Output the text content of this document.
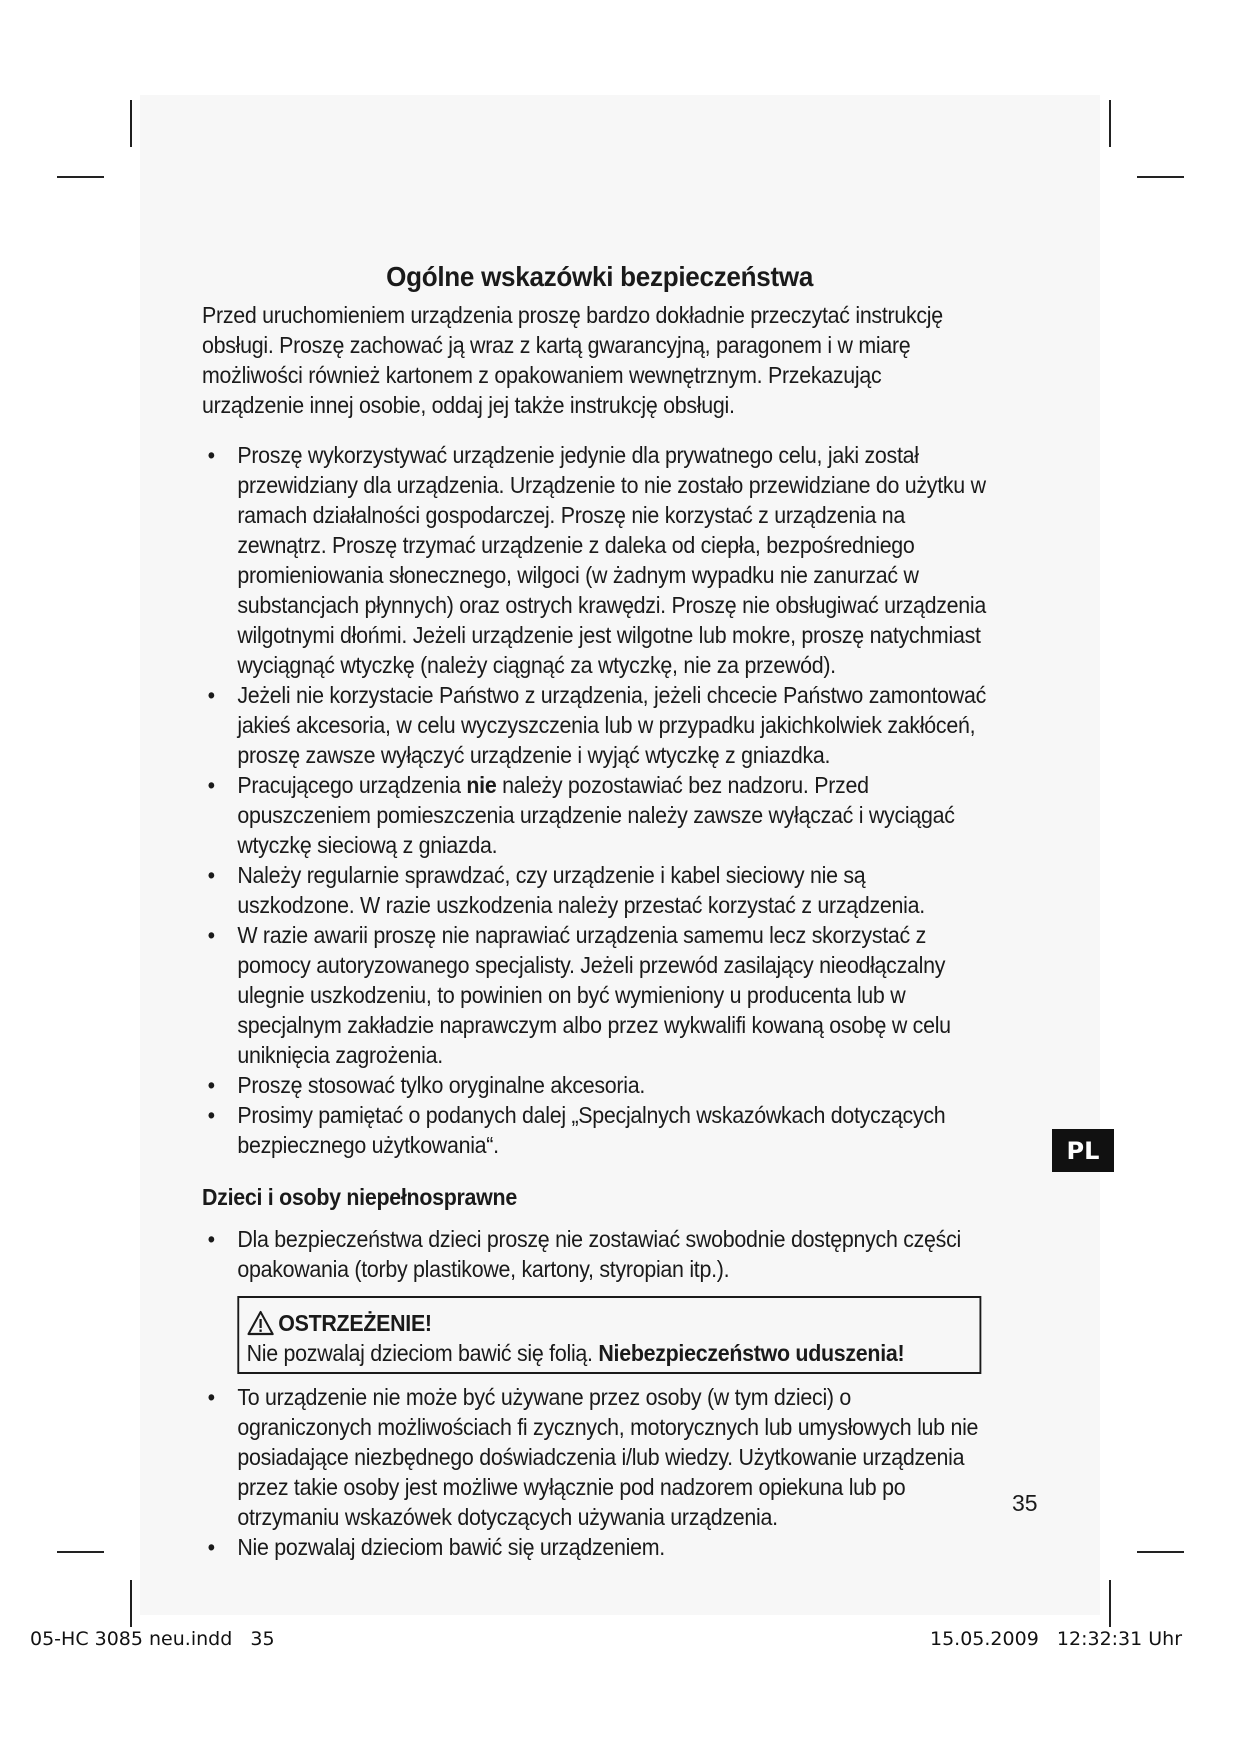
Ogólne wskazówki bezpieczeństwa

Przed uruchomieniem urządzenia proszę bardzo dokładnie przeczytać instrukcję obsługi. Proszę zachować ją wraz z kartą gwarancyjną, paragonem i w miarę możliwości również kartonem z opakowaniem wewnętrznym. Przekazując urządzenie innej osobie, oddaj jej także instrukcję obsługi.

• Proszę wykorzystywać urządzenie jedynie dla prywatnego celu, jaki został przewidziany dla urządzenia. Urządzenie to nie zostało przewidziane do użytku w ramach działalności gospodarczej. Proszę nie korzystać z urządzenia na zewnątrz. Proszę trzymać urządzenie z daleka od ciepła, bezpośredniego promieniowania słonecznego, wilgoci (w żadnym wypadku nie zanurzać w substancjach płynnych) oraz ostrych krawędzi. Proszę nie obsługiwać urządzenia wilgotnymi dłońmi. Jeżeli urządzenie jest wilgotne lub mokre, proszę natychmiast wyciągnąć wtyczkę (należy ciągnąć za wtyczkę, nie za przewód).
• Jeżeli nie korzystacie Państwo z urządzenia, jeżeli chcecie Państwo zamontować jakieś akcesoria, w celu wyczyszczenia lub w przypadku jakichkolwiek zakłóceń, proszę zawsze wyłączyć urządzenie i wyjąć wtyczkę z gniazdka.
• Pracującego urządzenia nie należy pozostawiać bez nadzoru. Przed opuszczeniem pomieszczenia urządzenie należy zawsze wyłączać i wyciągać wtyczkę sieciową z gniazda.
• Należy regularnie sprawdzać, czy urządzenie i kabel sieciowy nie są uszkodzone. W razie uszkodzenia należy przestać korzystać z urządzenia.
• W razie awarii proszę nie naprawiać urządzenia samemu lecz skorzystać z pomocy autoryzowanego specjalisty. Jeżeli przewód zasilający nieodłączalny ulegnie uszkodzeniu, to powinien on być wymieniony u producenta lub w specjalnym zakładzie naprawczym albo przez wykwalifi kowaną osobę w celu uniknięcia zagrożenia.
• Proszę stosować tylko oryginalne akcesoria.
• Prosimy pamiętać o podanych dalej „Specjalnych wskazówkach dotyczących bezpiecznego użytkowania“.
Dzieci i osoby niepełnosprawne
• Dla bezpieczeństwa dzieci proszę nie zostawiać swobodnie dostępnych części opakowania (torby plastikowe, kartony, styropian itp.).
OSTRZEŻENIE!

Nie pozwalaj dzieciom bawić się folią. Niebezpieczeństwo uduszenia!

• To urządzenie nie może być używane przez osoby (w tym dzieci) o ograniczonych możliwościach fi zycznych, motorycznych lub umysłowych lub nie posiadające niezbędnego doświadczenia i/lub wiedzy. Użytkowanie urządzenia przez takie osoby jest możliwe wyłącznie pod nadzorem opiekuna lub po otrzymaniu wskazówek dotyczących używania urządzenia.
• Nie pozwalaj dzieciom bawić się urządzeniem.
PL
35
05-HC 3085 neu.indd   35	15.05.2009   12:32:31 Uhr
